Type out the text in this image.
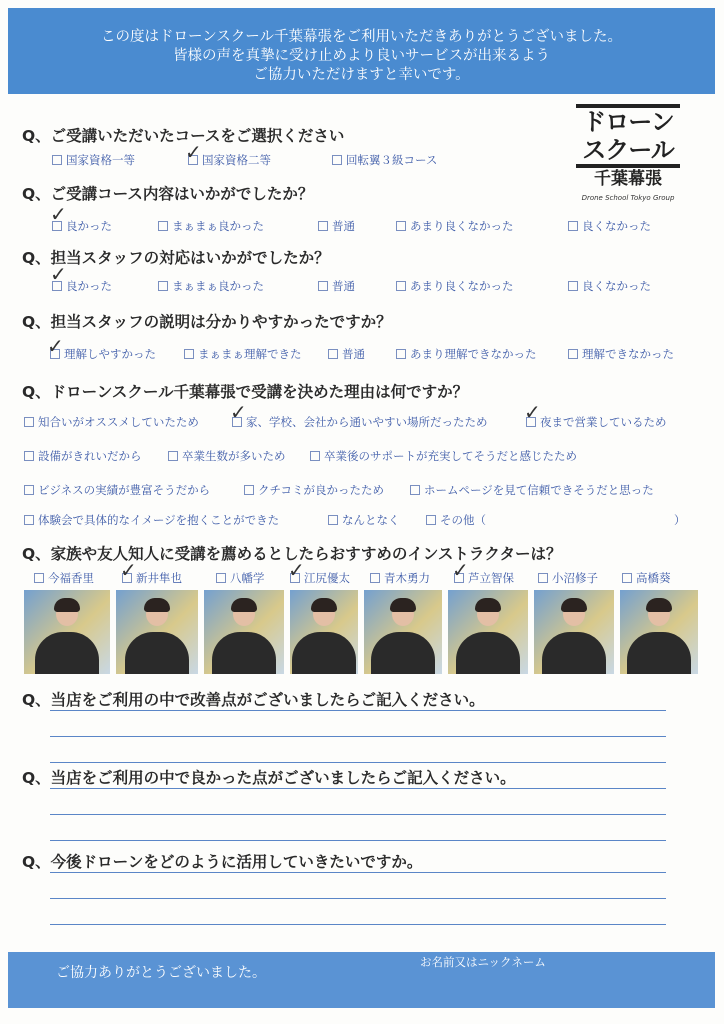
この度はドローンスクール千葉幕張をご利用いただきありがとうございました。
皆様の声を真摯に受け止めより良いサービスが出来るよう
ご協力いただけますと幸いです。
ドローン
スクール
千葉幕張
Drone School Tokyo Group
Q、ご受講いただいたコースをご選択ください
国家資格一等	国家資格二等	回転翼３級コース
✓
Q、ご受講コース内容はいかがでしたか？
良かった	まぁまぁ良かった	普通	あまり良くなかった	良くなかった
✓
Q、担当スタッフの対応はいかがでしたか？
良かった	まぁまぁ良かった	普通	あまり良くなかった	良くなかった
✓
Q、担当スタッフの説明は分かりやすかったですか？
理解しやすかった	まぁまぁ理解できた	普通	あまり理解できなかった	理解できなかった
✓
Q、ドローンスクール千葉幕張で受講を決めた理由は何ですか？
知合いがオススメしていたため	家、学校、会社から通いやすい場所だったため	夜まで営業しているため
✓	✓
設備がきれいだから	卒業生数が多いため	卒業後のサポートが充実してそうだと感じたため
ビジネスの実績が豊富そうだから	クチコミが良かったため	ホームページを見て信頼できそうだと思った
体験会で具体的なイメージを抱くことができた	なんとなく	その他（	）
Q、家族や友人知人に受講を薦めるとしたらおすすめのインストラクターは？
今福香里	新井隼也	八幡学	江尻優太	青木勇力	芦立智保	小沼修子	高橋葵
✓	✓	✓
Q、当店をご利用の中で改善点がございましたらご記入ください。
Q、当店をご利用の中で良かった点がございましたらご記入ください。
Q、今後ドローンをどのように活用していきたいですか。
ご協力ありがとうございました。
お名前又はニックネーム
